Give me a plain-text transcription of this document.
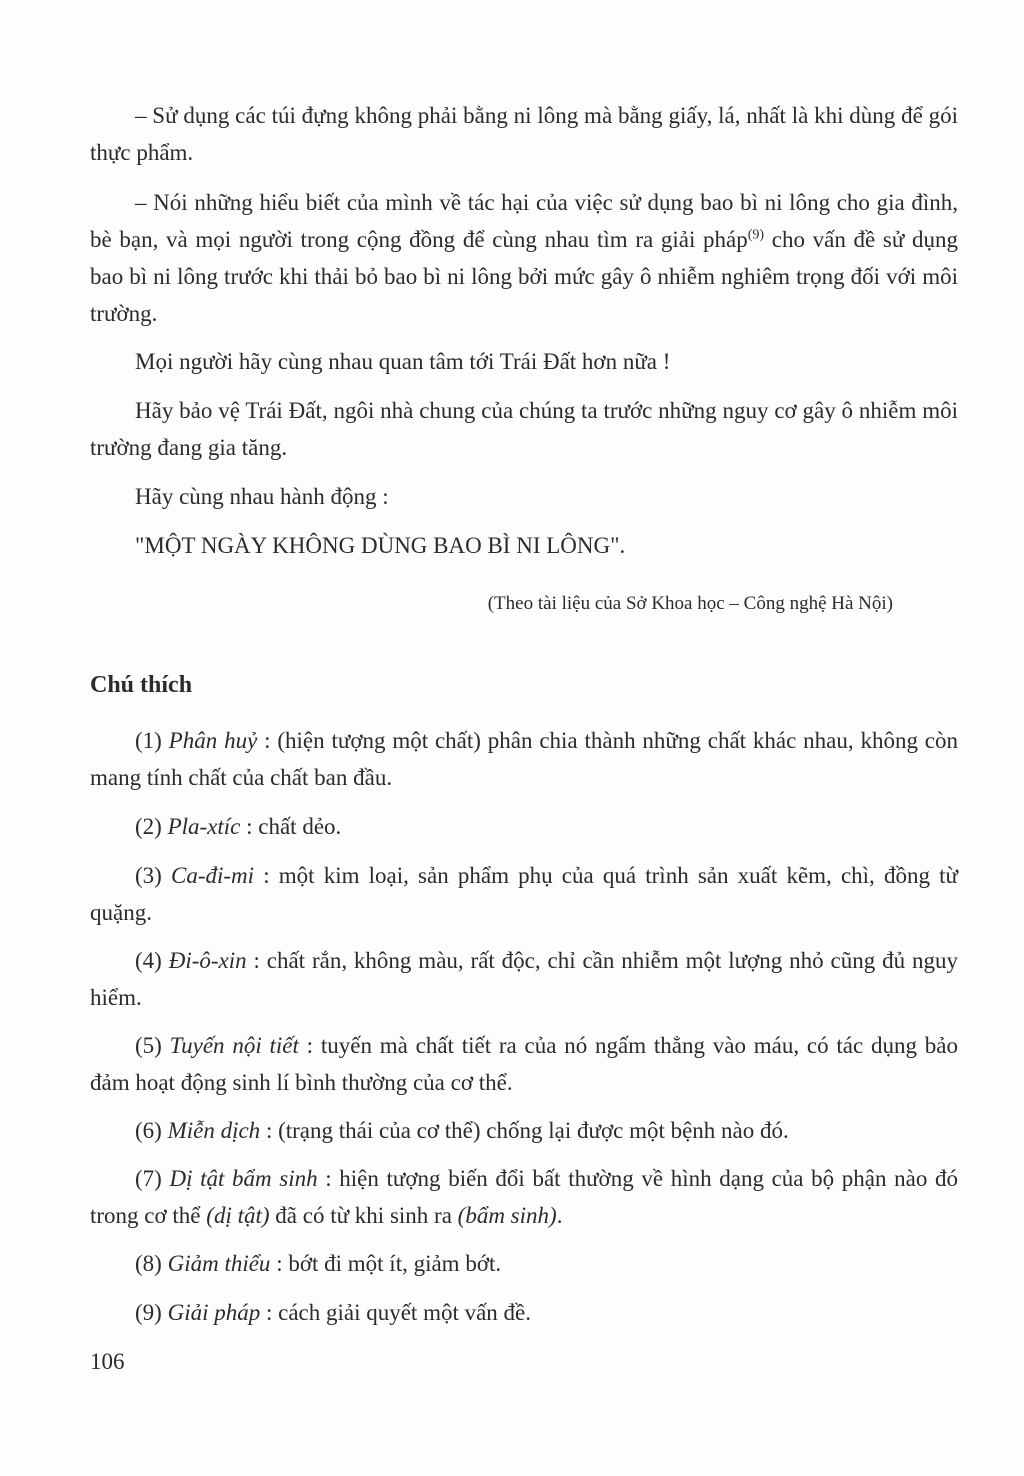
– Sử dụng các túi đựng không phải bằng ni lông mà bằng giấy, lá, nhất là khi dùng để gói thực phẩm.

– Nói những hiểu biết của mình về tác hại của việc sử dụng bao bì ni lông cho gia đình, bè bạn, và mọi người trong cộng đồng để cùng nhau tìm ra giải pháp$^{(9)}$ cho vấn đề sử dụng bao bì ni lông trước khi thải bỏ bao bì ni lông bởi mức gây ô nhiễm nghiêm trọng đối với môi trường.

Mọi người hãy cùng nhau quan tâm tới Trái Đất hơn nữa !

Hãy bảo vệ Trái Đất, ngôi nhà chung của chúng ta trước những nguy cơ gây ô nhiễm môi trường đang gia tăng.

Hãy cùng nhau hành động :

"MỘT NGÀY KHÔNG DÙNG BAO BÌ NI LÔNG".

(Theo tài liệu của Sở Khoa học – Công nghệ Hà Nội)

Chú thích

(1) Phân huỷ : (hiện tượng một chất) phân chia thành những chất khác nhau, không còn mang tính chất của chất ban đầu.

(2) Pla-xtíc : chất dẻo.

(3) Ca-đi-mi : một kim loại, sản phẩm phụ của quá trình sản xuất kẽm, chì, đồng từ quặng.

(4) Đi-ô-xin : chất rắn, không màu, rất độc, chỉ cần nhiễm một lượng nhỏ cũng đủ nguy hiểm.

(5) Tuyến nội tiết : tuyến mà chất tiết ra của nó ngấm thẳng vào máu, có tác dụng bảo đảm hoạt động sinh lí bình thường của cơ thể.

(6) Miễn dịch : (trạng thái của cơ thể) chống lại được một bệnh nào đó.

(7) Dị tật bẩm sinh : hiện tượng biến đổi bất thường về hình dạng của bộ phận nào đó trong cơ thể (dị tật) đã có từ khi sinh ra (bẩm sinh).

(8) Giảm thiểu : bớt đi một ít, giảm bớt.

(9) Giải pháp : cách giải quyết một vấn đề.

106
